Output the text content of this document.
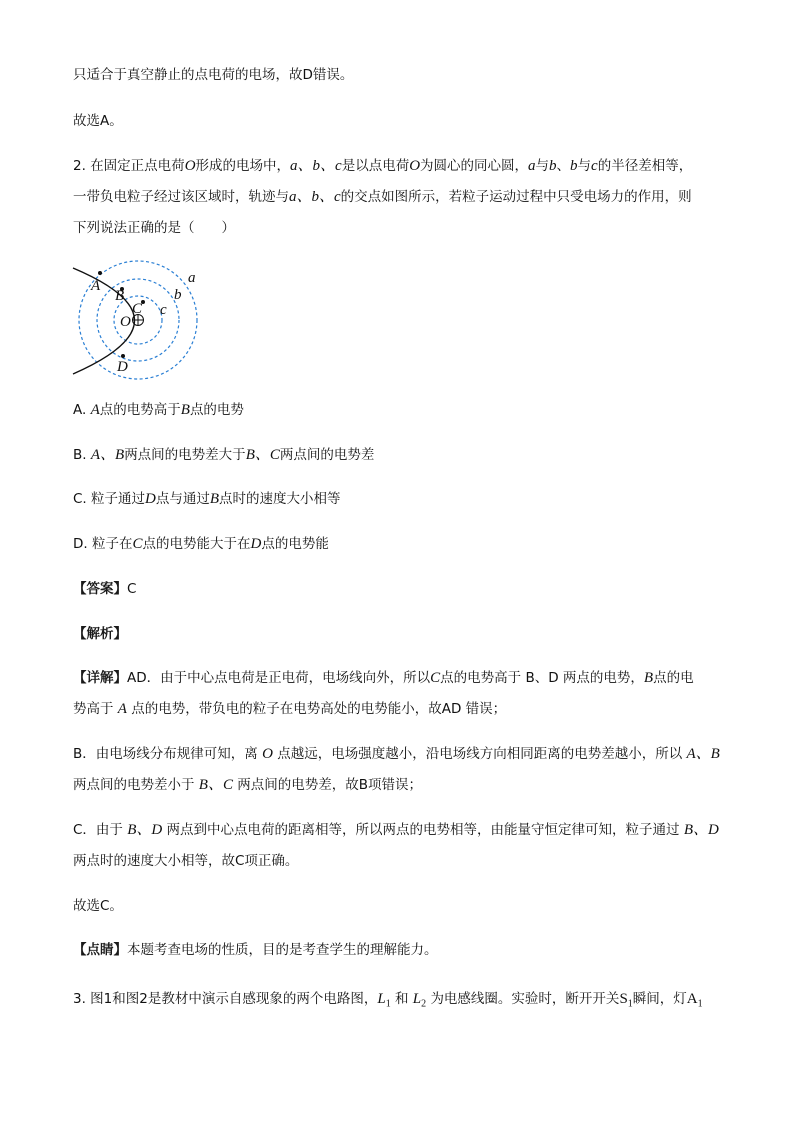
只适合于真空静止的点电荷的电场，故D错误。
故选A。
2. 在固定正点电荷O形成的电场中，a、b、c是以点电荷O为圆心的同心圆，a与b、b与c的半径差相等，
一带负电粒子经过该区域时，轨迹与a、b、c的交点如图所示，若粒子运动过程中只受电场力的作用，则
下列说法正确的是（　　）
A
B
C
O
D
a
b
c
A. A点的电势高于B点的电势
B. A、B两点间的电势差大于B、C两点间的电势差
C. 粒子通过D点与通过B点时的速度大小相等
D. 粒子在C点的电势能大于在D点的电势能
【答案】C
【解析】
【详解】AD．由于中心点电荷是正电荷，电场线向外，所以C点的电势高于 B、D 两点的电势，B点的电
势高于 A 点的电势，带负电的粒子在电势高处的电势能小，故AD 错误；
B．由电场线分布规律可知，离 O 点越远，电场强度越小，沿电场线方向相同距离的电势差越小，所以 A、B
两点间的电势差小于 B、C 两点间的电势差，故B项错误；
C．由于 B、D 两点到中心点电荷的距离相等，所以两点的电势相等，由能量守恒定律可知，粒子通过 B、D
两点时的速度大小相等，故C项正确。
故选C。
【点睛】本题考查电场的性质，目的是考查学生的理解能力。
3. 图1和图2是教材中演示自感现象的两个电路图，$L_1$ 和 $L_2$ 为电感线圈。实验时，断开开关$S_1$瞬间，灯$A_1$
